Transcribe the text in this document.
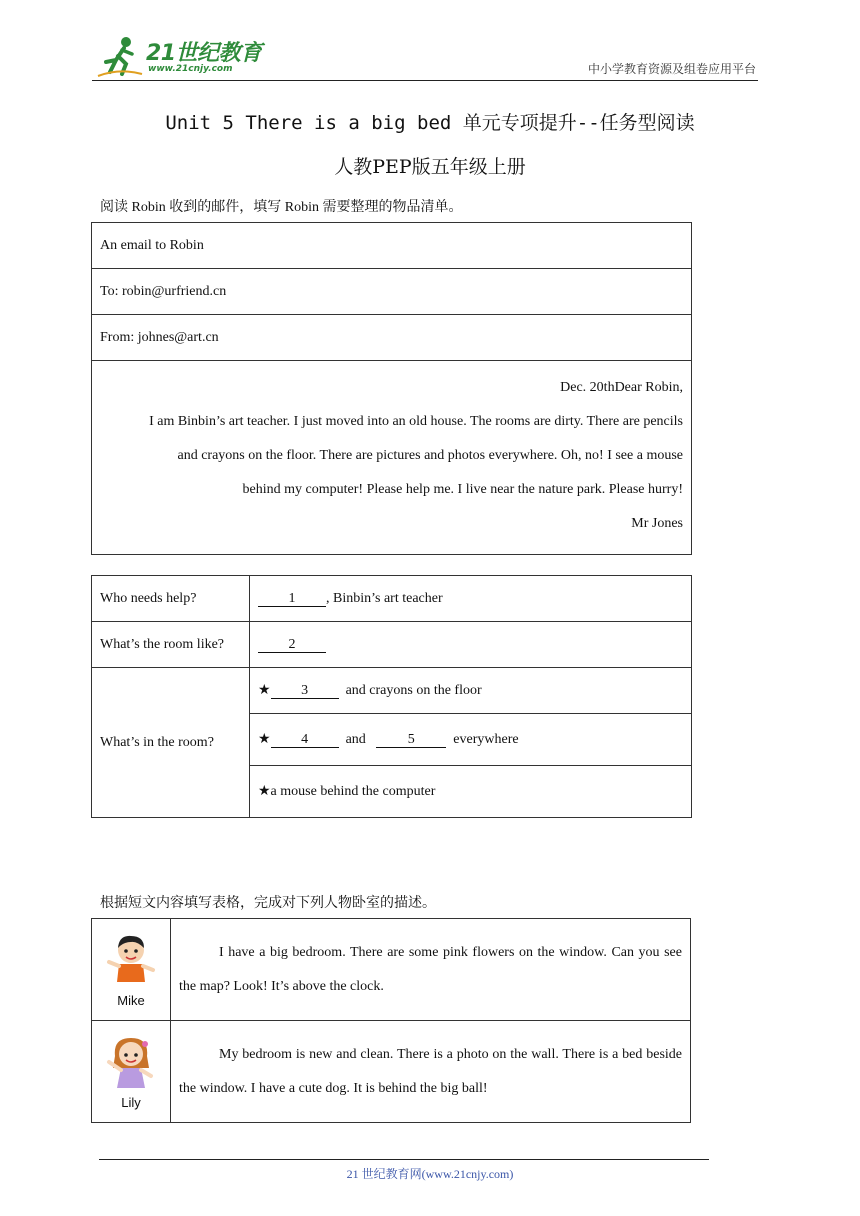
21世纪教育
www.21cnjy.com	中小学教育资源及组卷应用平台
Unit 5 There is a big bed 单元专项提升--任务型阅读
人教PEP版五年级上册
阅读 Robin 收到的邮件，填写 Robin 需要整理的物品清单。
An email to Robin
To: robin@urfriend.cn
From: johnes@art.cn

Dec. 20thDear Robin,
I am Binbin’s art teacher. I just moved into an old house. The rooms are dirty. There are pencils
and crayons on the floor. There are pictures and photos everywhere. Oh, no! I see a mouse
behind my computer! Please help me. I live near the nature park. Please hurry!
Mr Jones
Who needs help?	1 , Binbin’s art teacher
What’s the room like?	2
What’s in the room?	★ 3 and crayons on the floor
	★ 4 and 5 everywhere
	★a mouse behind the computer
根据短文内容填写表格，完成对下列人物卧室的描述。
Mike	I have a big bedroom. There are some pink flowers on the window. Can you see the map? Look! It’s above the clock.

Lily	My bedroom is new and clean. There is a photo on the wall. There is a bed beside the window. I have a cute dog. It is behind the big ball!
21 世纪教育网(www.21cnjy.com)
